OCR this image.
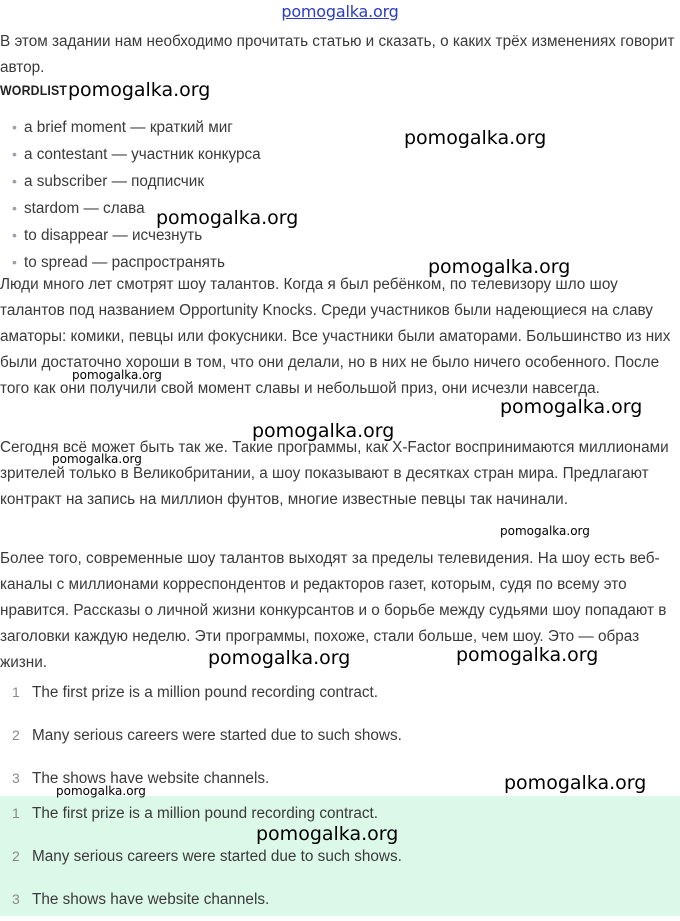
pomogalka.org

В этом задании нам необходимо прочитать статью и сказать, о каких трёх изменениях говорит автор.

WORDLIST
• a brief moment — краткий миг
• a contestant — участник конкурса
• a subscriber — подписчик
• stardom — слава
• to disappear — исчезнуть
• to spread — распространять

Люди много лет смотрят шоу талантов. Когда я был ребёнком, по телевизору шло шоу талантов под названием Opportunity Knocks. Среди участников были надеющиеся на славу аматоры: комики, певцы или фокусники. Все участники были аматорами. Большинство из них были достаточно хороши в том, что они делали, но в них не было ничего особенного. После того как они получили свой момент славы и небольшой приз, они исчезли навсегда.

Сегодня всё может быть так же. Такие программы, как X-Factor воспринимаются миллионами зрителей только в Великобритании, а шоу показывают в десятках стран мира. Предлагают контракт на запись на миллион фунтов, многие известные певцы так начинали.

Более того, современные шоу талантов выходят за пределы телевидения. На шоу есть веб-каналы с миллионами корреспондентов и редакторов газет, которым, судя по всему это нравится. Рассказы о личной жизни конкурсантов и о борьбе между судьями шоу попадают в заголовки каждую неделю. Эти программы, похоже, стали больше, чем шоу. Это — образ жизни.

1 The first prize is a million pound recording contract.
2 Many serious careers were started due to such shows.
3 The shows have website channels.
1 The first prize is a million pound recording contract.
2 Many serious careers were started due to such shows.
3 The shows have website channels.
pomogalka.org
pomogalka.org
pomogalka.org
pomogalka.org
pomogalka.org
pomogalka.org
pomogalka.org
pomogalka.org
pomogalka.org
pomogalka.org	pomogalka.org
pomogalka.org
pomogalka.org
pomogalka.org
